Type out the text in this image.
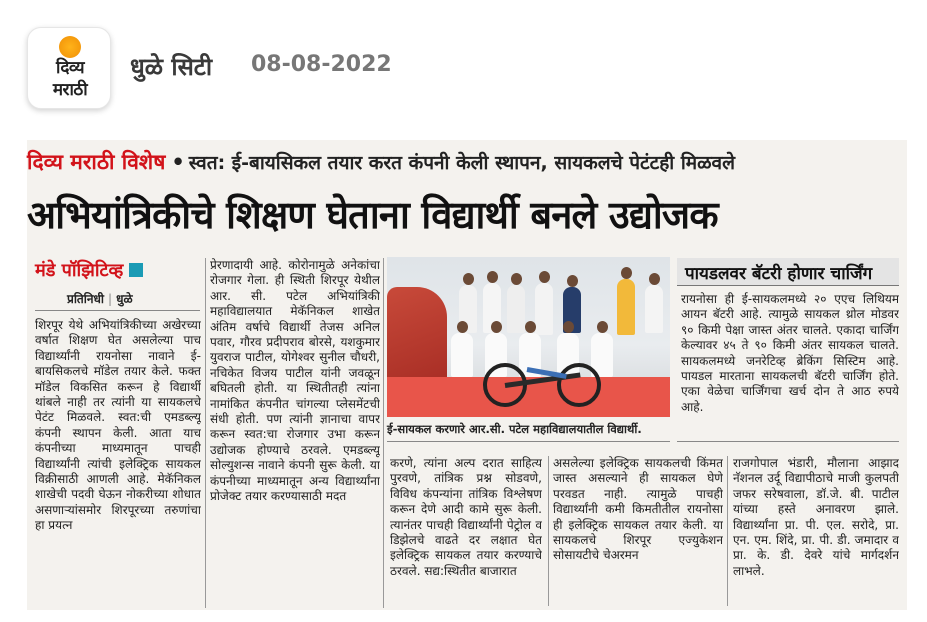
दिव्य
मराठी
धुळे सिटी 08-08-2022
दिव्य मराठी विशेष • स्वत: ई-बायसिकल तयार करत कंपनी केली स्थापन, सायकलचे पेटंटही मिळवले
अभियांत्रिकीचे शिक्षण घेताना विद्यार्थी बनले उद्योजक
मंडे पॉझिटिव्ह
प्रतिनिधी | धुळे
शिरपूर येथे अभियांत्रिकीच्या अखेरच्या वर्षात शिक्षण घेत असलेल्या पाच विद्यार्थ्यांनी रायनोसा नावाने ई-बायसिकलचे मॉडेल तयार केले. फक्त मॉडेल विकसित करून हे विद्यार्थी थांबले नाही तर त्यांनी या सायकलचे पेटंट मिळवले. स्वत:ची एमडब्ल्यू कंपनी स्थापन केली. आता याच कंपनीच्या माध्यमातून पाचही विद्यार्थ्यांनी त्यांची इलेक्ट्रिक सायकल विक्रीसाठी आणली आहे. मेकॅनिकल शाखेची पदवी घेऊन नोकरीच्या शोधात असणाऱ्यांसमोर शिरपूरच्या तरुणांचा हा प्रयत्न
प्रेरणादायी आहे. कोरोनामुळे अनेकांचा रोजगार गेला. ही स्थिती शिरपूर येथील आर. सी. पटेल अभियांत्रिकी महाविद्यालयात मेकॅनिकल शाखेत अंतिम वर्षाचे विद्यार्थी तेजस अनिल पवार, गौरव प्रदीपराव बोरसे, यशकुमार युवराज पाटील, योगेश्वर सुनील चौधरी, नचिकेत विजय पाटील यांनी जवळून बघितली होती. या स्थितीतही त्यांना नामांकित कंपनीत चांगल्या प्लेसमेंटची संधी होती. पण त्यांनी ज्ञानाचा वापर करून स्वत:चा रोजगार उभा करून उद्योजक होण्याचे ठरवले. एमडब्ल्यू सोल्युशन्स नावाने कंपनी सुरू केली. या कंपनीच्या माध्यमातून अन्य विद्यार्थ्यांना प्रोजेक्ट तयार करण्यासाठी मदत
ई-सायकल करणारे आर.सी. पटेल महाविद्यालयातील विद्यार्थी.
पायडलवर बॅटरी होणार चार्जिंग
रायनोसा ही ई-सायकलमध्ये २० एएच लिथियम आयन बॅटरी आहे. त्यामुळे सायकल थ्रोल मोडवर ९० किमी पेक्षा जास्त अंतर चालते. एकादा चार्जिंग केल्यावर ४५ ते ९० किमी अंतर सायकल चालते. सायकलमध्ये जनरेटिव्ह ब्रेकिंग सिस्टिम आहे. पायडल मारताना सायकलची बॅटरी चार्जिंग होते. एका वेळेचा चार्जिंगचा खर्च दोन ते आठ रुपये आहे.
करणे, त्यांना अल्प दरात साहित्य पुरवणे, तांत्रिक प्रश्न सोडवणे, विविध कंपन्यांना तांत्रिक विश्लेषण करून देणे आदी कामे सुरू केली. त्यानंतर पाचही विद्यार्थ्यांनी पेट्रोल व डिझेलचे वाढते दर लक्षात घेत इलेक्ट्रिक सायकल तयार करण्याचे ठरवले. सद्य:स्थितीत बाजारात
असलेल्या इलेक्ट्रिक सायकलची किंमत जास्त असल्याने ही सायकल घेणे परवडत नाही. त्यामुळे पाचही विद्यार्थ्यांनी कमी किमतीतील रायनोसा ही इलेक्ट्रिक सायकल तयार केली. या सायकलचे शिरपूर एज्युकेशन सोसायटीचे चेअरमन
राजगोपाल भंडारी, मौलाना आझाद नॅशनल उर्दू विद्यापीठाचे माजी कुलपती जफर सरेषवाला, डॉ.जे. बी. पाटील यांच्या हस्ते अनावरण झाले. विद्यार्थ्यांना प्रा. पी. एल. सरोदे, प्रा. एन. एम. शिंदे, प्रा. पी. डी. जमादार व प्रा. के. डी. देवरे यांचे मार्गदर्शन लाभले.
